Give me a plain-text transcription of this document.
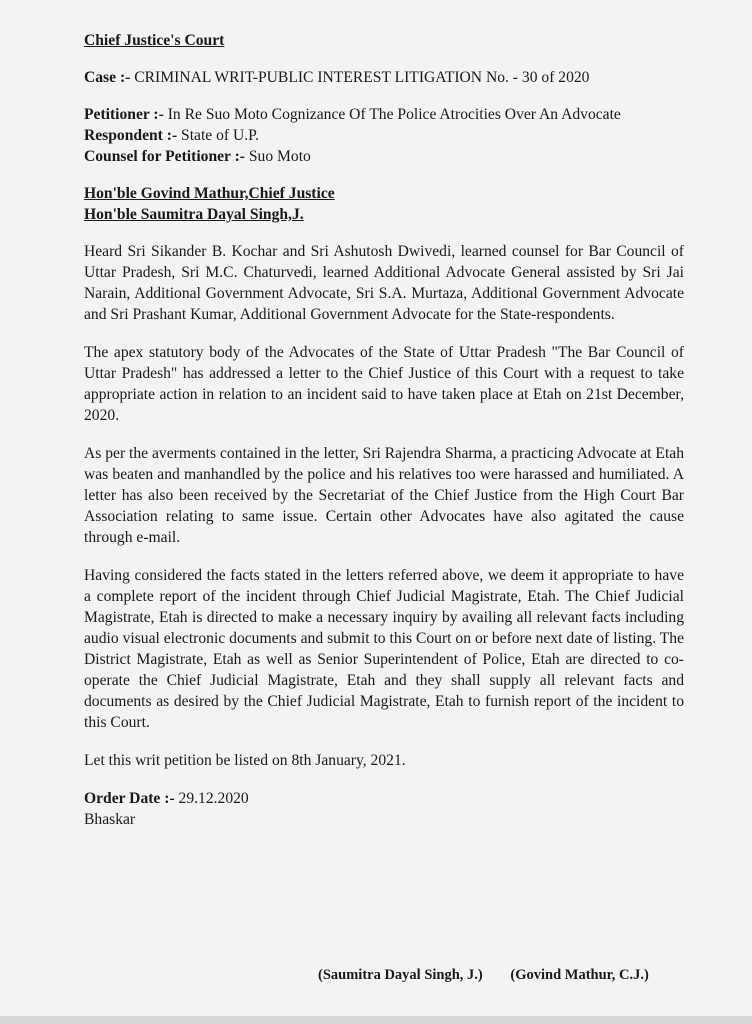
Chief Justice's Court

Case :- CRIMINAL WRIT-PUBLIC INTEREST LITIGATION No. - 30 of 2020

Petitioner :- In Re Suo Moto Cognizance Of The Police Atrocities Over An Advocate

Respondent :- State of U.P.

Counsel for Petitioner :- Suo Moto

Hon'ble Govind Mathur,Chief Justice

Hon'ble Saumitra Dayal Singh,J.

Heard Sri Sikander B. Kochar and Sri Ashutosh Dwivedi, learned counsel for Bar Council of Uttar Pradesh, Sri M.C. Chaturvedi, learned Additional Advocate General assisted by Sri Jai Narain, Additional Government Advocate, Sri S.A. Murtaza, Additional Government Advocate and Sri Prashant Kumar, Additional Government Advocate for the State-respondents.

The apex statutory body of the Advocates of the State of Uttar Pradesh "The Bar Council of Uttar Pradesh" has addressed a letter to the Chief Justice of this Court with a request to take appropriate action in relation to an incident said to have taken place at Etah on 21st December, 2020.

As per the averments contained in the letter, Sri Rajendra Sharma, a practicing Advocate at Etah was beaten and manhandled by the police and his relatives too were harassed and humiliated. A letter has also been received by the Secretariat of the Chief Justice from the High Court Bar Association relating to same issue. Certain other Advocates have also agitated the cause through e-mail.

Having considered the facts stated in the letters referred above, we deem it appropriate to have a complete report of the incident through Chief Judicial Magistrate, Etah. The Chief Judicial Magistrate, Etah is directed to make a necessary inquiry by availing all relevant facts including audio visual electronic documents and submit to this Court on or before next date of listing. The District Magistrate, Etah as well as Senior Superintendent of Police, Etah are directed to co-operate the Chief Judicial Magistrate, Etah and they shall supply all relevant facts and documents as desired by the Chief Judicial Magistrate, Etah to furnish report of the incident to this Court.

Let this writ petition be listed on 8th January, 2021.

Order Date :- 29.12.2020

Bhaskar

(Saumitra Dayal Singh, J.) (Govind Mathur, C.J.)
